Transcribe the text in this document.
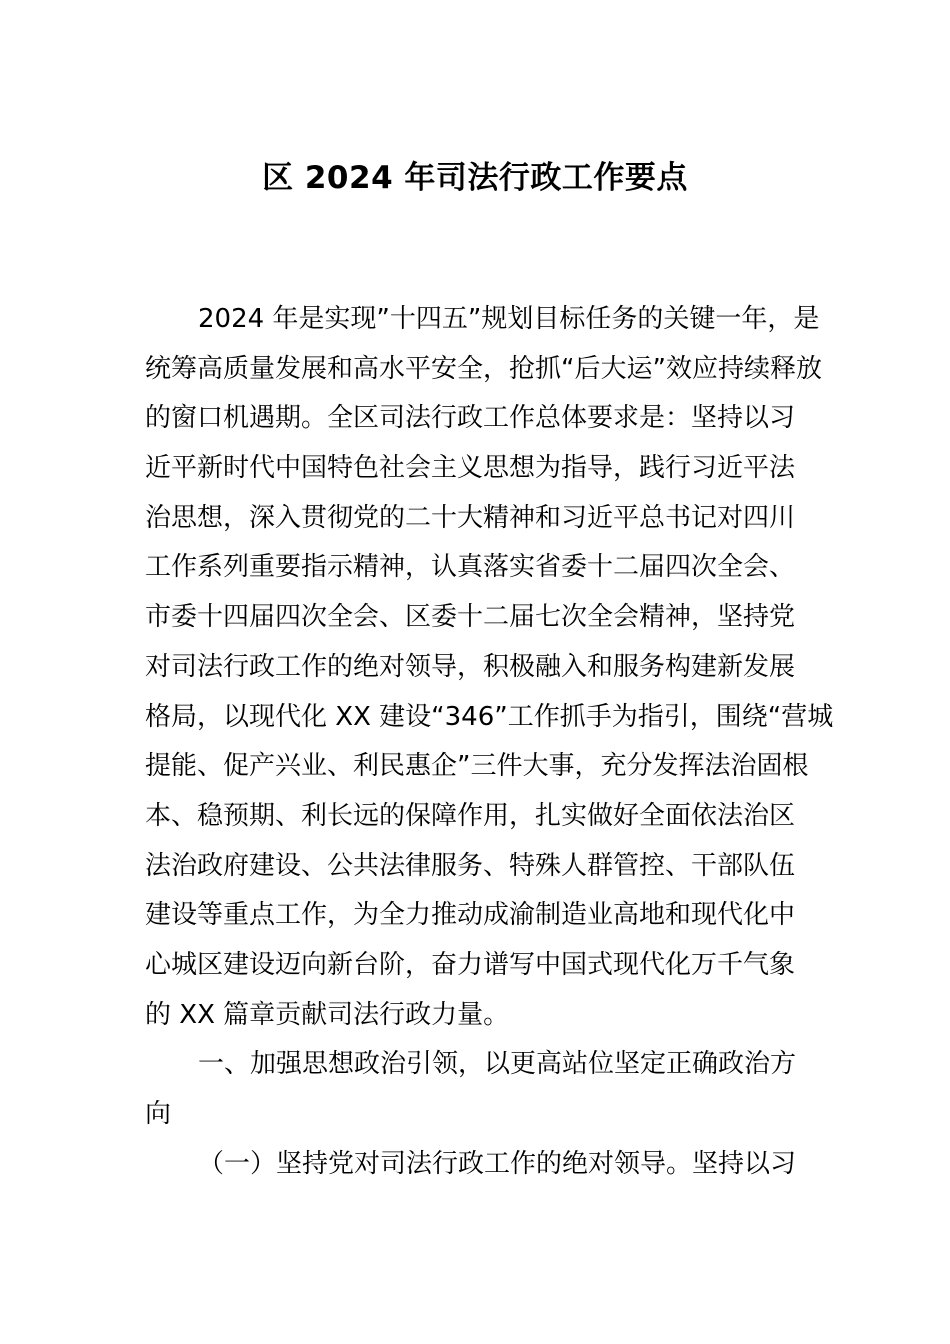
区 2024 年司法行政工作要点
2024 年是实现”十四五”规划目标任务的关键一年，是
统筹高质量发展和高水平安全，抢抓“后大运”效应持续释放
的窗口机遇期。全区司法行政工作总体要求是：坚持以习
近平新时代中国特色社会主义思想为指导，践行习近平法
治思想，深入贯彻党的二十大精神和习近平总书记对四川
工作系列重要指示精神，认真落实省委十二届四次全会、
市委十四届四次全会、区委十二届七次全会精神，坚持党
对司法行政工作的绝对领导，积极融入和服务构建新发展
格局，以现代化 XX 建设“346”工作抓手为指引，围绕“营城
提能、促产兴业、利民惠企”三件大事，充分发挥法治固根
本、稳预期、利长远的保障作用，扎实做好全面依法治区
法治政府建设、公共法律服务、特殊人群管控、干部队伍
建设等重点工作，为全力推动成渝制造业高地和现代化中
心城区建设迈向新台阶，奋力谱写中国式现代化万千气象
的 XX 篇章贡献司法行政力量。
一、加强思想政治引领，以更高站位坚定正确政治方
向
（一）坚持党对司法行政工作的绝对领导。坚持以习
